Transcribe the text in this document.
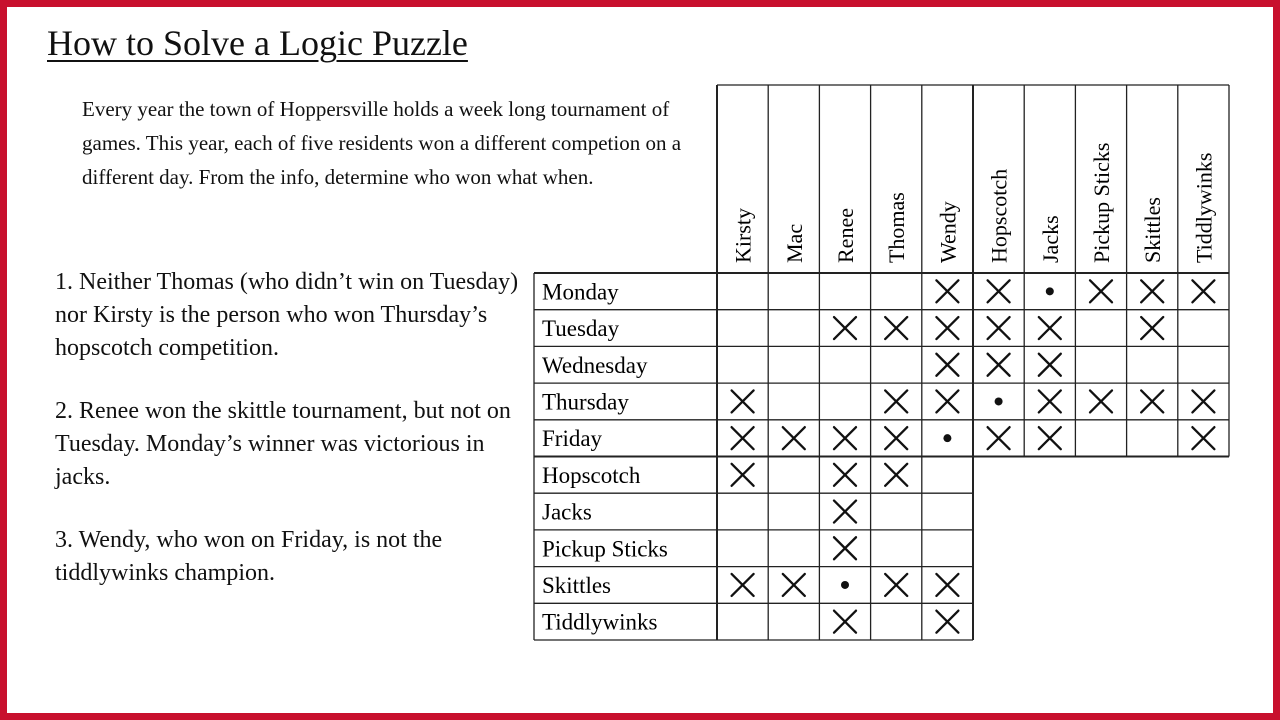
How to Solve a Logic Puzzle

Every year the town of Hoppersville holds a week long tournament of games. This year, each of five residents won a different competion on a different day. From the info, determine who won what when.

1. Neither Thomas (who didn’t win on Tuesday) nor Kirsty is the person who won Thursday’s hopscotch competition.

2. Renee won the skittle tournament, but not on Tuesday. Monday’s winner was victorious in jacks.

3. Wendy, who won on Friday, is not the tiddlywinks champion.

Kirsty Mac Renee Thomas Wendy Hopscotch Jacks Pickup Sticks Skittles Tiddlywinks
Monday
Tuesday
Wednesday
Thursday
Friday
Hopscotch
Jacks
Pickup Sticks
Skittles
Tiddlywinks
